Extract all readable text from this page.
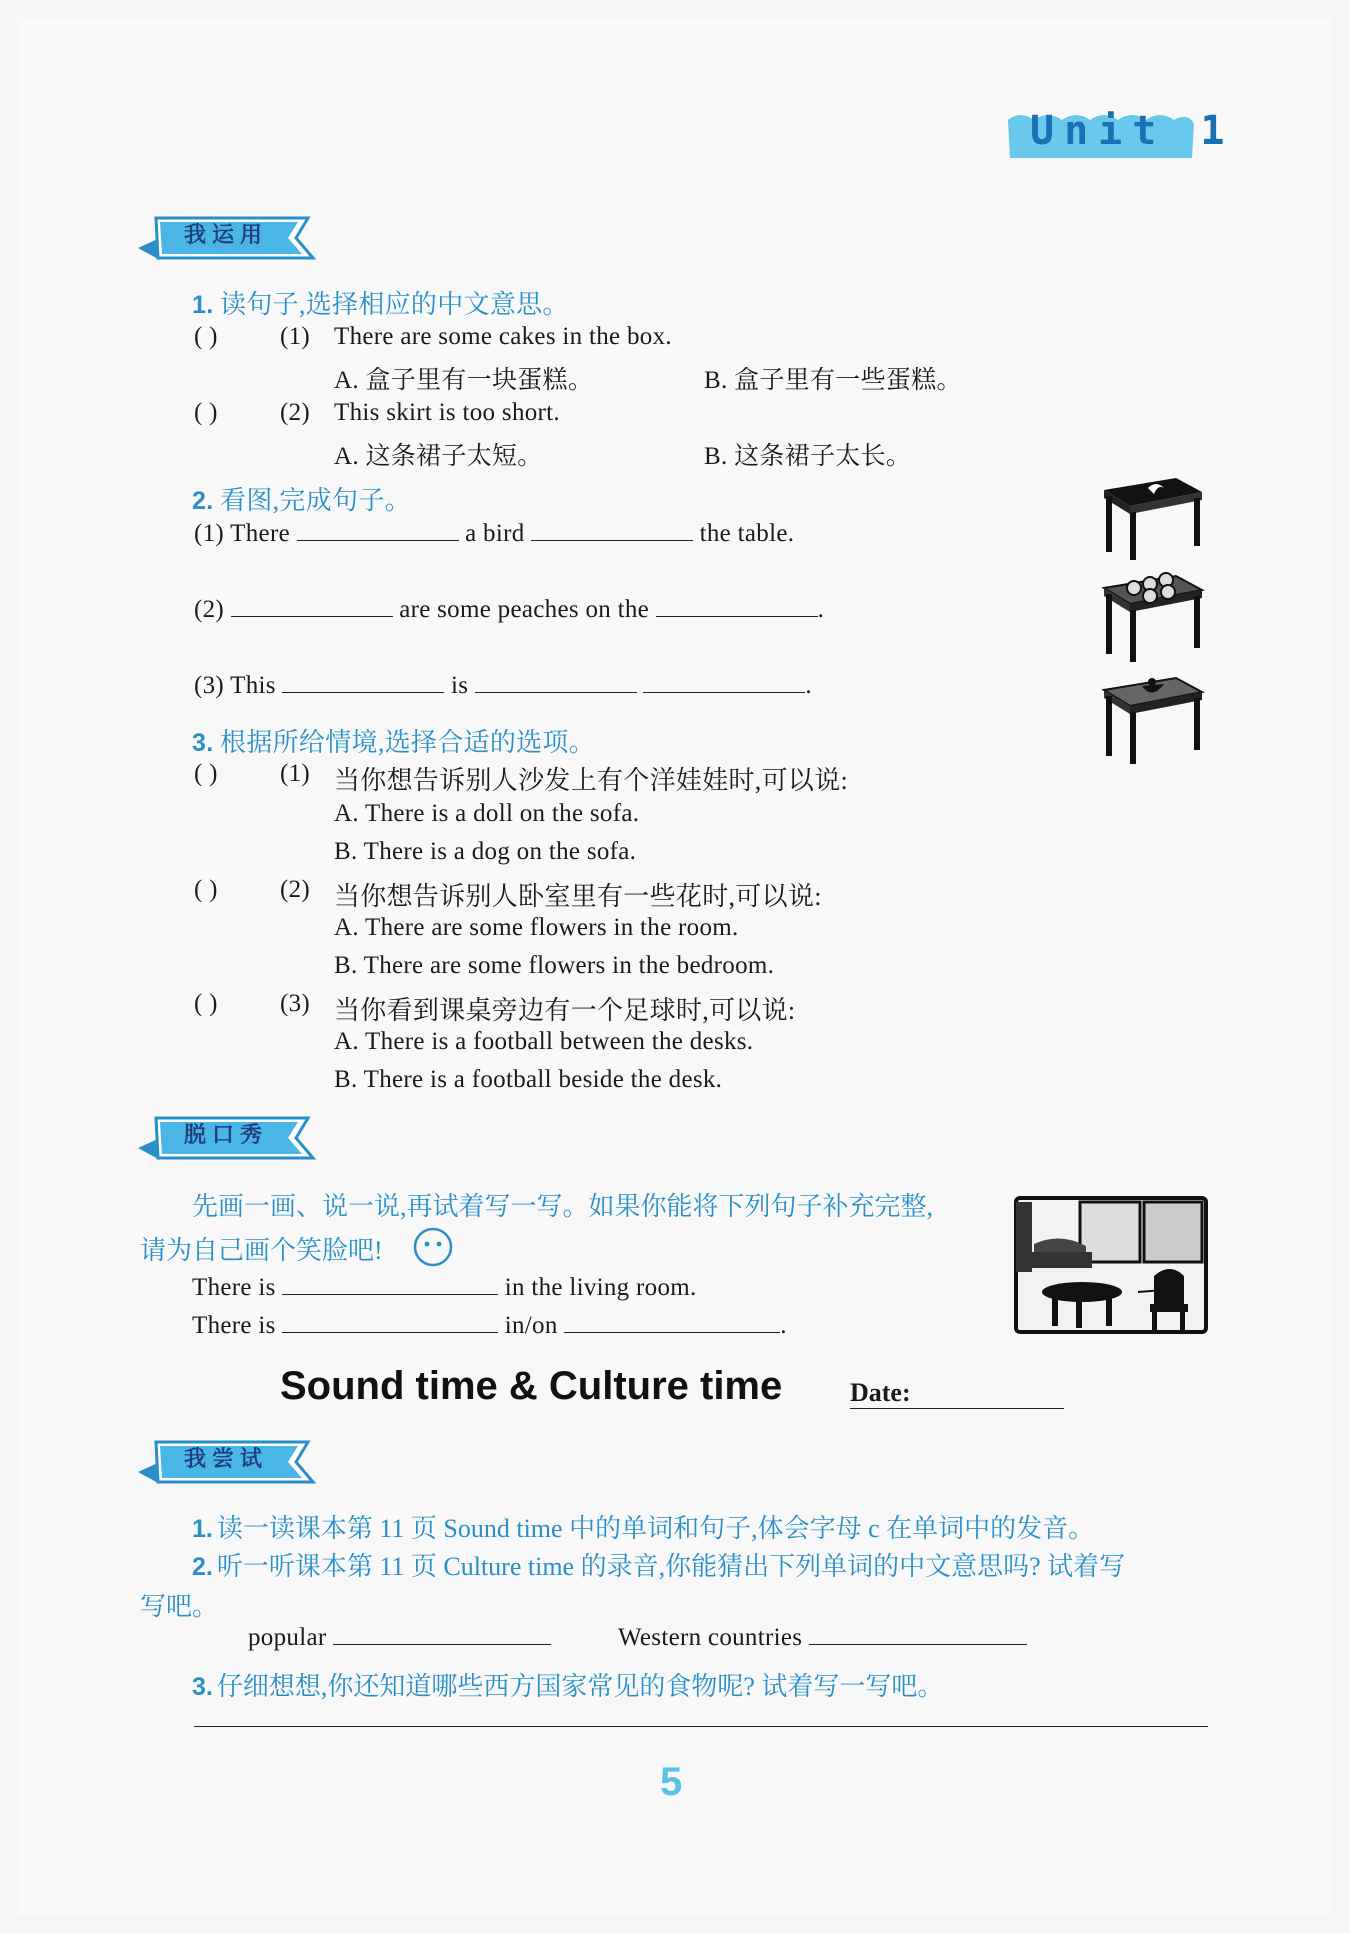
Unit 1
我运用
1. 读句子,选择相应的中文意思。
( ) (1) There are some cakes in the box.
A. 盒子里有一块蛋糕。	B. 盒子里有一些蛋糕。
( ) (2) This skirt is too short.
A. 这条裙子太短。	B. 这条裙子太长。
2. 看图,完成句子。
(1) There	a bird	the table.
(2)	are some peaches on the	.
(3) This	is	.
3. 根据所给情境,选择合适的选项。
( ) (1) 当你想告诉别人沙发上有个洋娃娃时,可以说:
A. There is a doll on the sofa.
B. There is a dog on the sofa.
( ) (2) 当你想告诉别人卧室里有一些花时,可以说:
A. There are some flowers in the room.
B. There are some flowers in the bedroom.
( ) (3) 当你看到课桌旁边有一个足球时,可以说:
A. There is a football between the desks.
B. There is a football beside the desk.
脱口秀
先画一画、说一说,再试着写一写。如果你能将下列句子补充完整,
请为自己画个笑脸吧!
There is	in the living room.
There is	in/on	.
Sound time & Culture time	Date:
我尝试
1. 读一读课本第 11 页 Sound time 中的单词和句子,体会字母 c 在单词中的发音。
2. 听一听课本第 11 页 Culture time 的录音,你能猜出下列单词的中文意思吗? 试着写
写吧。
popular	Western countries
3. 仔细想想,你还知道哪些西方国家常见的食物呢? 试着写一写吧。
5
